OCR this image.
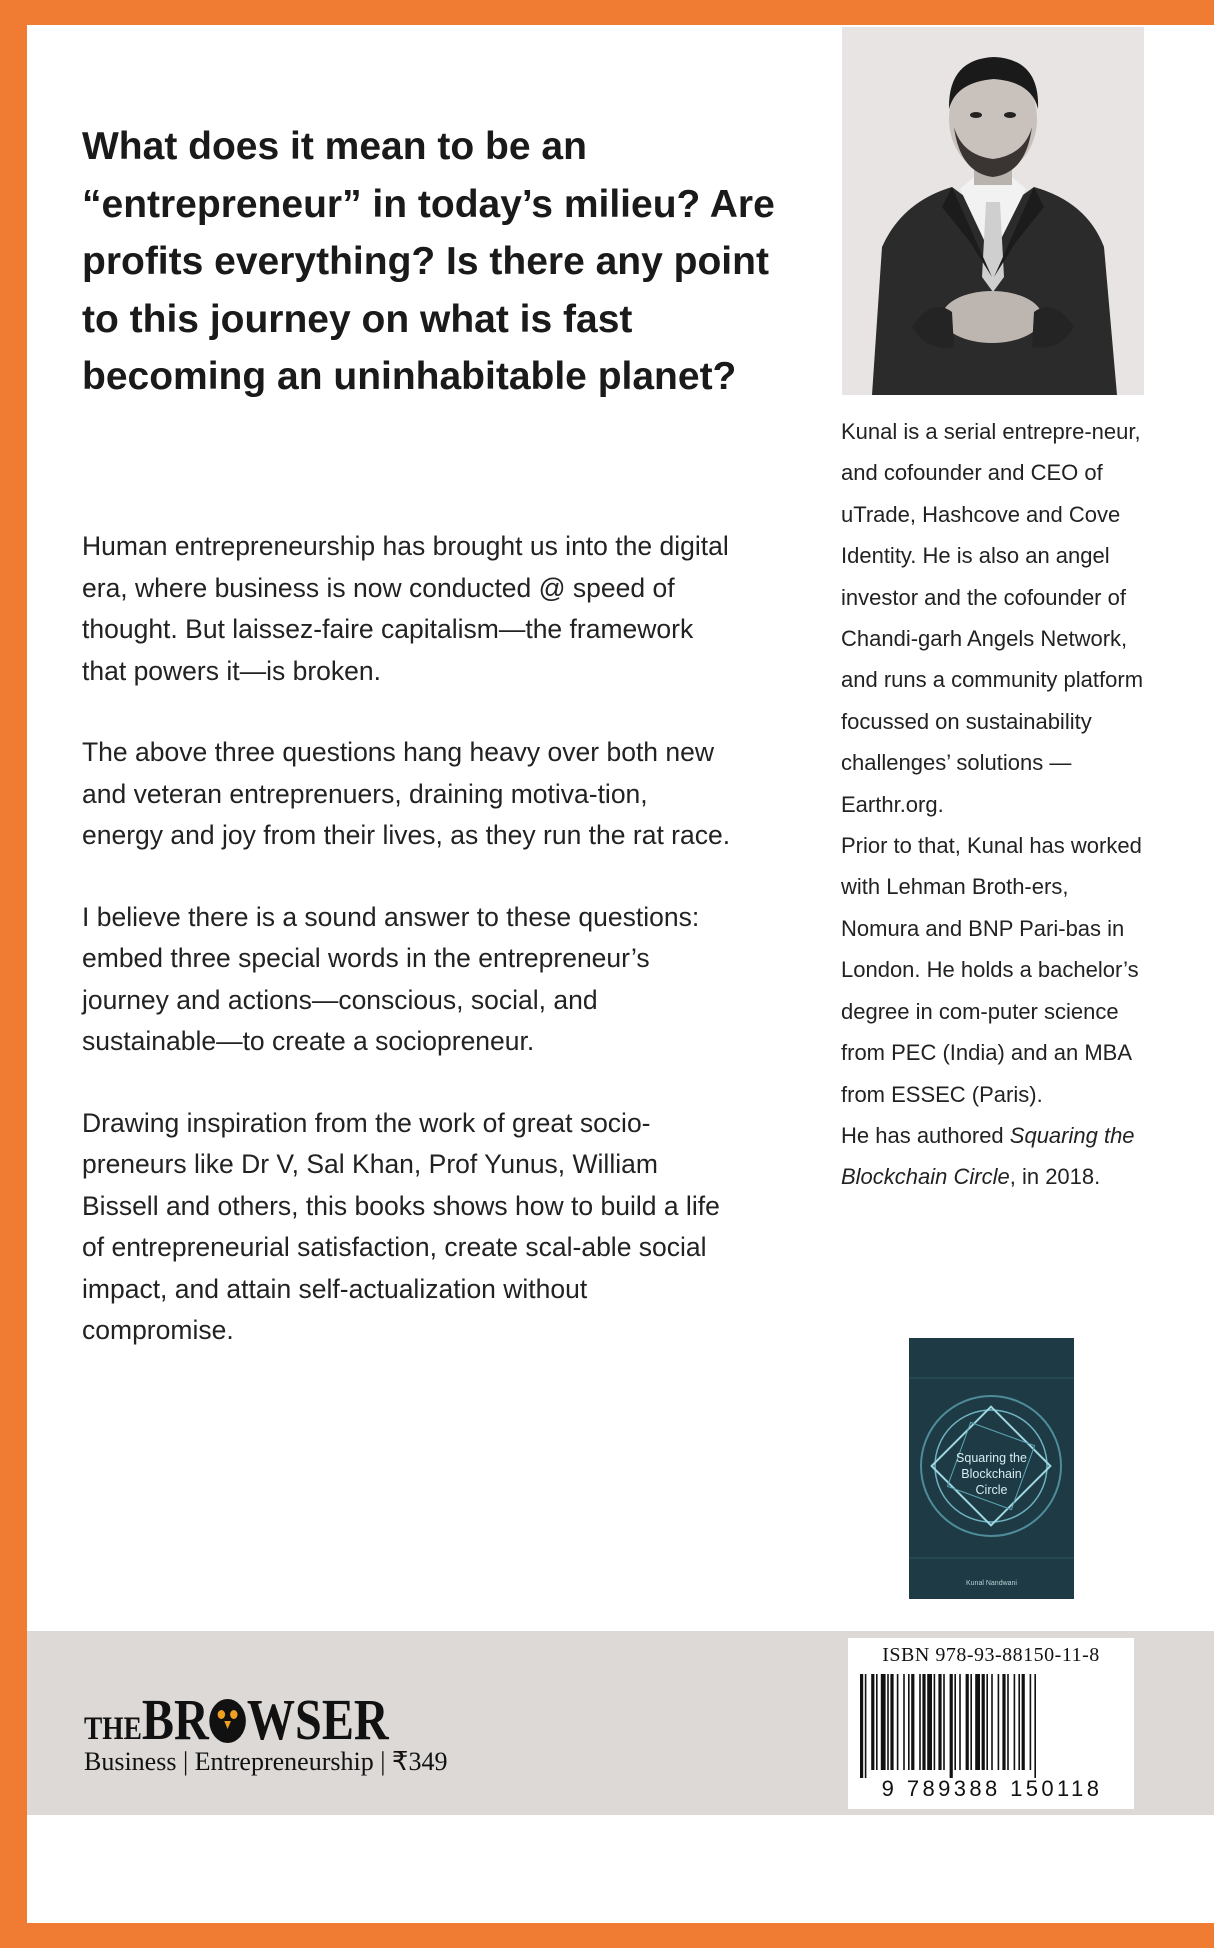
What does it mean to be an “entrepreneur” in today’s milieu? Are profits everything? Is there any point to this journey on what is fast becoming an uninhabitable planet?

Human entrepreneurship has brought us into the digital era, where business is now conducted @ speed of thought. But laissez-faire capitalism—the framework that powers it—is broken.

The above three questions hang heavy over both new and veteran entreprenuers, draining motiva-tion, energy and joy from their lives, as they run the rat race.

I believe there is a sound answer to these questions: embed three special words in the entrepreneur’s journey and actions—conscious, social, and sustainable—to create a sociopreneur.

Drawing inspiration from the work of great socio-preneurs like Dr V, Sal Khan, Prof Yunus, William Bissell and others, this books shows how to build a life of entrepreneurial satisfaction, create scal-able social impact, and attain self-actualization without compromise.

Kunal is a serial entrepre-neur, and cofounder and CEO of uTrade, Hashcove and Cove Identity. He is also an angel investor and the cofounder of Chandi-garh Angels Network, and runs a community platform focussed on sustainability challenges’ solutions — Earthr.org.
Prior to that, Kunal has worked with Lehman Broth-ers, Nomura and BNP Pari-bas in London. He holds a bachelor’s degree in com-puter science from PEC (India) and an MBA from ESSEC (Paris).
He has authored Squaring the Blockchain Circle, in 2018.

Squaring the
Blockchain
Circle
Kunal Nandwani
THEBR WSER
Business | Entrepreneurship | ₹349
ISBN 978-93-88150-11-8
9 789388 150118
